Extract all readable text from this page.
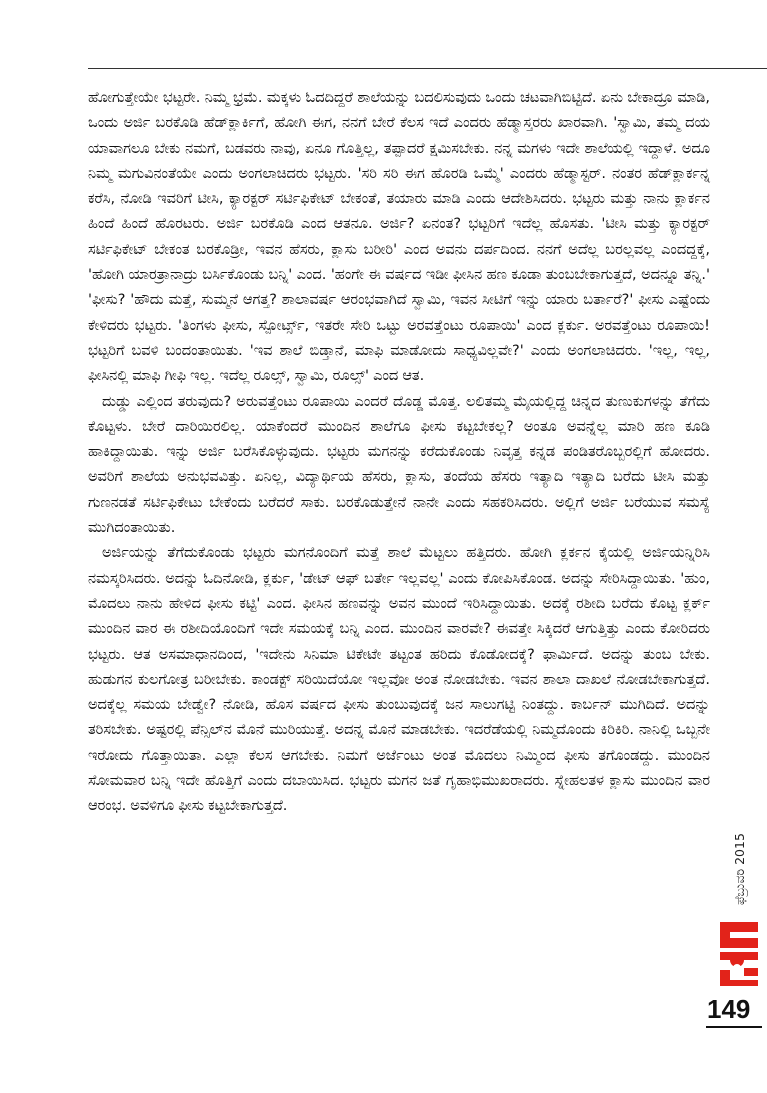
ಹೋಗುತ್ತೇಯೇ ಭಟ್ಟರೇ. ನಿಮ್ಮ ಭ್ರಮೆ. ಮಕ್ಕಳು ಓದದಿದ್ದರೆ ಶಾಲೆಯನ್ನು ಬದಲಿಸುವುದು ಒಂದು ಚಟವಾಗಿಬಿಟ್ಟಿದೆ. ಏನು ಬೇಕಾದ್ರೂ ಮಾಡಿ, ಒಂದು ಅರ್ಜಿ ಬರಕೊಡಿ ಹೆಡ್‌ಕ್ಲಾರ್ಕಿಗೆ, ಹೋಗಿ ಈಗ, ನನಗೆ ಬೇರೆ ಕೆಲಸ ಇದೆ ಎಂದರು ಹೆಡ್ಮಾಸ್ತರರು ಖಾರವಾಗಿ. 'ಸ್ವಾಮಿ, ತಮ್ಮ ದಯ ಯಾವಾಗಲೂ ಬೇಕು ನಮಗೆ, ಬಡವರು ನಾವು, ಏನೂ ಗೊತ್ತಿಲ್ಲ, ತಪ್ಪಾದರೆ ಕ್ಷಮಿಸಬೇಕು. ನನ್ನ ಮಗಳು ಇದೇ ಶಾಲೆಯಲ್ಲಿ ಇದ್ದಾಳೆ. ಅದೂ ನಿಮ್ಮ ಮಗುವಿನಂತೆಯೇ ಎಂದು ಅಂಗಲಾಚಿದರು ಭಟ್ಟರು. 'ಸರಿ ಸರಿ ಈಗ ಹೊರಡಿ ಒಮ್ಮೆ' ಎಂದರು ಹೆಡ್ಮಾಸ್ಟರ್. ನಂತರ ಹೆಡ್‌ಕ್ಲಾರ್ಕನ್ನ ಕರೆಸಿ, ನೋಡಿ ಇವರಿಗೆ ಟೀಸಿ, ಕ್ಯಾರಕ್ಟರ್ ಸರ್ಟಿಫಿಕೇಟ್ ಬೇಕಂತೆ, ತಯಾರು ಮಾಡಿ ಎಂದು ಆದೇಶಿಸಿದರು. ಭಟ್ಟರು ಮತ್ತು ನಾನು ಕ್ಲಾರ್ಕನ ಹಿಂದೆ ಹಿಂದೆ ಹೊರಟರು. ಅರ್ಜಿ ಬರಕೊಡಿ ಎಂದ ಆತನೂ. ಅರ್ಜಿ? ಏನಂತ? ಭಟ್ಟರಿಗೆ ಇದೆಲ್ಲ ಹೊಸತು. 'ಟೀಸಿ ಮತ್ತು ಕ್ಯಾರಕ್ಟರ್ ಸರ್ಟಿಫಿಕೇಟ್ ಬೇಕಂತ ಬರಕೊಡ್ರೀ, ಇವನ ಹೆಸರು, ಕ್ಲಾಸು ಬರೀರಿ' ಎಂದ ಅವನು ದರ್ಪದಿಂದ. ನನಗೆ ಅದೆಲ್ಲ ಬರಲ್ಲವಲ್ಲ ಎಂದದ್ದಕ್ಕೆ, 'ಹೋಗಿ ಯಾರತ್ರಾನಾದ್ರು ಬರ್ಸಿಕೊಂಡು ಬನ್ನಿ' ಎಂದ. 'ಹಂಗೇ ಈ ವರ್ಷದ ಇಡೀ ಫೀಸಿನ ಹಣ ಕೂಡಾ ತುಂಬಬೇಕಾಗುತ್ತದೆ, ಅದನ್ನೂ ತನ್ನಿ.' 'ಫೀಸು? 'ಹೌದು ಮತ್ತೆ, ಸುಮ್ಮನೆ ಆಗತ್ತ? ಶಾಲಾವರ್ಷ ಆರಂಭವಾಗಿದೆ ಸ್ವಾಮಿ, ಇವನ ಸೀಟಿಗೆ ಇನ್ನು ಯಾರು ಬರ್ತಾರೆ?' ಫೀಸು ಎಷ್ಟೆಂದು ಕೇಳಿದರು ಭಟ್ಟರು. 'ತಿಂಗಳು ಫೀಸು, ಸ್ಪೋರ್ಟ್ಸ್, ಇತರೇ ಸೇರಿ ಒಟ್ಟು ಅರವತ್ತೆಂಟು ರೂಪಾಯಿ' ಎಂದ ಕ್ಲರ್ಕು. ಅರವತ್ತೆಂಟು ರೂಪಾಯಿ! ಭಟ್ಟರಿಗೆ ಬವಳಿ ಬಂದಂತಾಯಿತು. 'ಇವ ಶಾಲೆ ಬಿಡ್ತಾನೆ, ಮಾಫಿ ಮಾಡೋದು ಸಾಧ್ಯವಿಲ್ಲವೇ?' ಎಂದು ಅಂಗಲಾಚಿದರು. 'ಇಲ್ಲ, ಇಲ್ಲ, ಫೀಸಿನಲ್ಲಿ ಮಾಫಿ ಗೀಫಿ ಇಲ್ಲ. ಇದೆಲ್ಲ ರೂಲ್ಸ್, ಸ್ವಾಮಿ, ರೂಲ್ಸ್' ಎಂದ ಆತ.

ದುಡ್ಡು ಎಲ್ಲಿಂದ ತರುವುದು? ಅರುವತ್ತೆಂಟು ರೂಪಾಯಿ ಎಂದರೆ ದೊಡ್ಡ ಮೊತ್ತ. ಲಲಿತಮ್ಮ ಮೈಯಲ್ಲಿದ್ದ ಚಿನ್ನದ ತುಣುಕುಗಳನ್ನು ತೆಗೆದು ಕೊಟ್ಟಳು. ಬೇರೆ ದಾರಿಯಿರಲಿಲ್ಲ. ಯಾಕೆಂದರೆ ಮುಂದಿನ ಶಾಲೆಗೂ ಫೀಸು ಕಟ್ಟಬೇಕಲ್ಲ? ಅಂತೂ ಅವನ್ನೆಲ್ಲ ಮಾರಿ ಹಣ ಕೂಡಿ ಹಾಕಿದ್ದಾಯಿತು. ಇನ್ನು ಅರ್ಜಿ ಬರೆಸಿಕೊಳ್ಳುವುದು. ಭಟ್ಟರು ಮಗನನ್ನು ಕರೆದುಕೊಂಡು ನಿವೃತ್ತ ಕನ್ನಡ ಪಂಡಿತರೊಬ್ಬರಲ್ಲಿಗೆ ಹೋದರು. ಅವರಿಗೆ ಶಾಲೆಯ ಅನುಭವವಿತ್ತು. ಏನಿಲ್ಲ, ವಿದ್ಯಾರ್ಥಿಯ ಹೆಸರು, ಕ್ಲಾಸು, ತಂದೆಯ ಹೆಸರು ಇತ್ಯಾದಿ ಇತ್ಯಾದಿ ಬರೆದು ಟೀಸಿ ಮತ್ತು ಗುಣನಡತೆ ಸರ್ಟಿಫಿಕೇಟು ಬೇಕೆಂದು ಬರೆದರೆ ಸಾಕು. ಬರಕೊಡುತ್ತೇನೆ ನಾನೇ ಎಂದು ಸಹಕರಿಸಿದರು. ಅಲ್ಲಿಗೆ ಅರ್ಜಿ ಬರೆಯುವ ಸಮಸ್ಯೆ ಮುಗಿದಂತಾಯಿತು.

ಅರ್ಜಿಯನ್ನು ತೆಗೆದುಕೊಂಡು ಭಟ್ಟರು ಮಗನೊಂದಿಗೆ ಮತ್ತೆ ಶಾಲೆ ಮೆಟ್ಟಲು ಹತ್ತಿದರು. ಹೋಗಿ ಕ್ಲರ್ಕನ ಕೈಯಲ್ಲಿ ಅರ್ಜಿಯನ್ನಿರಿಸಿ ನಮಸ್ಕರಿಸಿದರು. ಅದನ್ನು ಓದಿನೋಡಿ, ಕ್ಲರ್ಕು, 'ಡೇಟ್ ಆಫ್ ಬರ್ತೇ ಇಲ್ಲವಲ್ಲ' ಎಂದು ಕೋಪಿಸಿಕೊಂಡ. ಅದನ್ನು ಸೇರಿಸಿದ್ದಾಯಿತು. 'ಹುಂ, ಮೊದಲು ನಾನು ಹೇಳಿದ ಫೀಸು ಕಟ್ಟಿ' ಎಂದ. ಫೀಸಿನ ಹಣವನ್ನು ಅವನ ಮುಂದೆ ಇರಿಸಿದ್ದಾಯಿತು. ಅದಕ್ಕೆ ರಶೀದಿ ಬರೆದು ಕೊಟ್ಟ ಕ್ಲರ್ಕ್ ಮುಂದಿನ ವಾರ ಈ ರಶೀದಿಯೊಂದಿಗೆ ಇದೇ ಸಮಯಕ್ಕೆ ಬನ್ನಿ ಎಂದ. ಮುಂದಿನ ವಾರವೇ? ಈವತ್ತೇ ಸಿಕ್ಕಿದರೆ ಆಗುತ್ತಿತ್ತು ಎಂದು ಕೋರಿದರು ಭಟ್ಟರು. ಆತ ಅಸಮಾಧಾನದಿಂದ, 'ಇದೇನು ಸಿನಿಮಾ ಟಿಕೇಟೇ ತಟ್ಟಂತ ಹರಿದು ಕೊಡೋದಕ್ಕೆ? ಫಾರ್ಮಿದೆ. ಅದನ್ನು ತುಂಬ ಬೇಕು. ಹುಡುಗನ ಕುಲಗೋತ್ರ ಬರೀಬೇಕು. ಕಾಂಡಕ್ಟ್ ಸರಿಯಿದೆಯೋ ಇಲ್ಲವೋ ಅಂತ ನೋಡಬೇಕು. ಇವನ ಶಾಲಾ ದಾಖಲೆ ನೋಡಬೇಕಾಗುತ್ತದೆ. ಅದಕ್ಕೆಲ್ಲ ಸಮಯ ಬೇಡ್ವೇ? ನೋಡಿ, ಹೊಸ ವರ್ಷದ ಫೀಸು ತುಂಬುವುದಕ್ಕೆ ಜನ ಸಾಲುಗಟ್ಟಿ ನಿಂತದ್ದು. ಕಾರ್ಬನ್ ಮುಗಿದಿದೆ. ಅದನ್ನು ತರಿಸಬೇಕು. ಅಷ್ಟರಲ್ಲಿ ಪೆನ್ಸಿಲ್‌ನ ಮೊನೆ ಮುರಿಯುತ್ತೆ. ಅದನ್ನ ಮೊನೆ ಮಾಡಬೇಕು. ಇದರೆಡೆಯಲ್ಲಿ ನಿಮ್ಮದೊಂದು ಕಿರಿಕಿರಿ. ನಾನಿಲ್ಲಿ ಒಬ್ಬನೇ ಇರೋದು ಗೊತ್ತಾಯಿತಾ. ಎಲ್ಲಾ ಕೆಲಸ ಆಗಬೇಕು. ನಿಮಗೆ ಅರ್ಜೆಂಟು ಅಂತ ಮೊದಲು ನಿಮ್ಮಿಂದ ಫೀಸು ತಗೊಂಡದ್ದು. ಮುಂದಿನ ಸೋಮವಾರ ಬನ್ನಿ ಇದೇ ಹೊತ್ತಿಗೆ ಎಂದು ದಬಾಯಿಸಿದ. ಭಟ್ಟರು ಮಗನ ಜತೆ ಗೃಹಾಭಿಮುಖರಾದರು. ಸ್ನೇಹಲತಳ ಕ್ಲಾಸು ಮುಂದಿನ ವಾರ ಆರಂಭ. ಅವಳಿಗೂ ಫೀಸು ಕಟ್ಟಬೇಕಾಗುತ್ತದೆ.

ಫೆಬ್ರುವರಿ 2015
149
